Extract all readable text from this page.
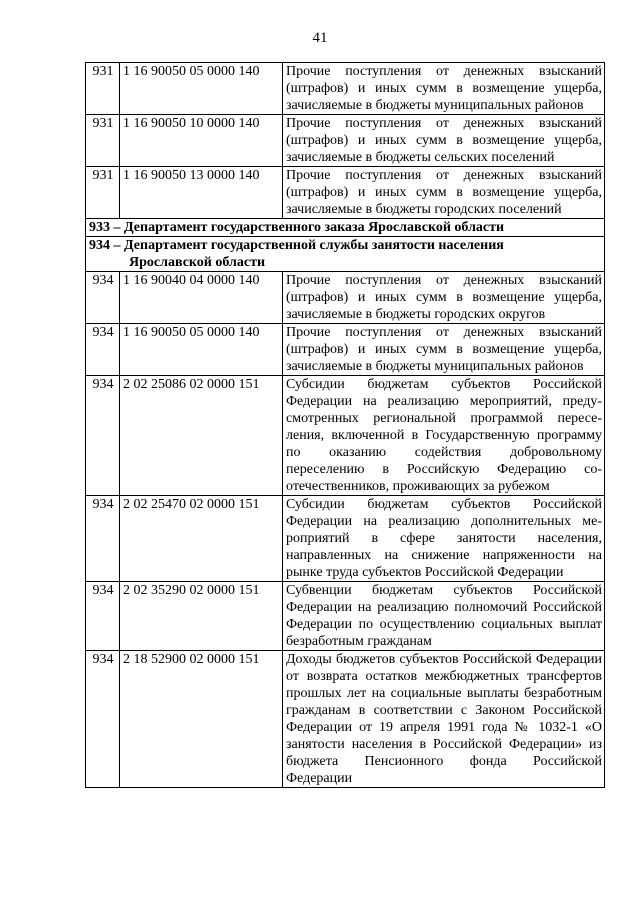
41
931	1 16 90050 05 0000 140	Прочие поступления от денежных взысканий (штрафов) и иных сумм в возмещение ущерба, зачисляемые в бюджеты муниципальных районов
931	1 16 90050 10 0000 140	Прочие поступления от денежных взысканий (штрафов) и иных сумм в возмещение ущерба, зачисляемые в бюджеты сельских поселений
931	1 16 90050 13 0000 140	Прочие поступления от денежных взысканий (штрафов) и иных сумм в возмещение ущерба, зачисляемые в бюджеты городских поселений
933 – Департамент государственного заказа Ярославской области		
934 – Департамент государственной службы занятости населения
Ярославской области		

934	1 16 90040 04 0000 140	Прочие поступления от денежных взысканий (штрафов) и иных сумм в возмещение ущерба, зачисляемые в бюджеты городских округов
934	1 16 90050 05 0000 140	Прочие поступления от денежных взысканий (штрафов) и иных сумм в возмещение ущерба, зачисляемые в бюджеты муниципальных районов
934	2 02 25086 02 0000 151	Субсидии бюджетам субъектов Российской Федерации на реализацию мероприятий, предусмотренных региональной программой переселения, включенной в Государственную программу по оказанию содействия добровольному переселению в Российскую Федерацию соотечественников, проживающих за рубежом
934	2 02 25470 02 0000 151	Субсидии бюджетам субъектов Российской Федерации на реализацию дополнительных мероприятий в сфере занятости населения, направленных на снижение напряженности на рынке труда субъектов Российской Федерации
934	2 02 35290 02 0000 151	Субвенции бюджетам субъектов Российской Федерации на реализацию полномочий Российской Федерации по осуществлению социальных выплат безработным гражданам
934	2 18 52900 02 0000 151	Доходы бюджетов субъектов Российской Федерации от возврата остатков межбюджетных трансфертов прошлых лет на социальные выплаты безработным гражданам в соответствии с Законом Российской Федерации от 19 апреля 1991 года № 1032-1 «О занятости населения в Российской Федерации» из бюджета Пенсионного фонда Российской Федерации
